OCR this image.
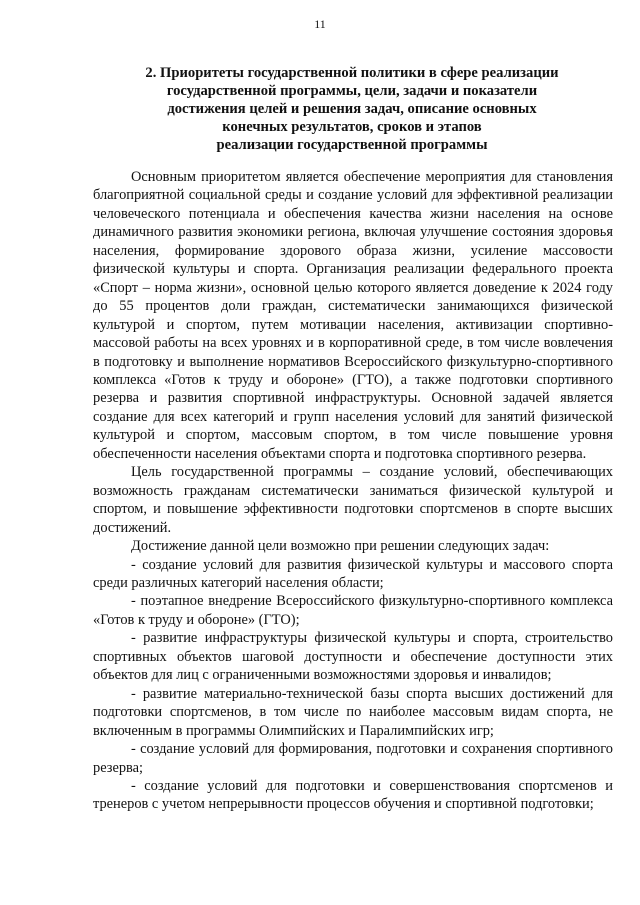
11
2. Приоритеты государственной политики в сфере реализации
государственной программы, цели, задачи и показатели
достижения целей и решения задач, описание основных
конечных результатов, сроков и этапов
реализации государственной программы

Основным приоритетом является обеспечение мероприятия для становления благоприятной социальной среды и создание условий для эффективной реализации человеческого потенциала и обеспечения качества жизни населения на основе динамичного развития экономики региона, включая улучшение состояния здоровья населения, формирование здорового образа жизни, усиление массовости физической культуры и спорта. Организация реализации федерального проекта «Спорт – норма жизни», основной целью которого является доведение к 2024 году до 55 процентов доли граждан, систематически занимающихся физической культурой и спортом, путем мотивации населения, активизации спортивно-массовой работы на всех уровнях и в корпоративной среде, в том числе вовлечения в подготовку и выполнение нормативов Всероссийского физкультурно-спортивного комплекса «Готов к труду и обороне» (ГТО), а также подготовки спортивного резерва и развития спортивной инфраструктуры. Основной задачей является создание для всех категорий и групп населения условий для занятий физической культурой и спортом, массовым спортом, в том числе повышение уровня обеспеченности населения объектами спорта и подготовка спортивного резерва.

Цель государственной программы – создание условий, обеспечивающих возможность гражданам систематически заниматься физической культурой и спортом, и повышение эффективности подготовки спортсменов в спорте высших достижений.

Достижение данной цели возможно при решении следующих задач:

- создание условий для развития физической культуры и массового спорта среди различных категорий населения области;

- поэтапное внедрение Всероссийского физкультурно-спортивного комплекса «Готов к труду и обороне» (ГТО);

- развитие инфраструктуры физической культуры и спорта, строительство спортивных объектов шаговой доступности и обеспечение доступности этих объектов для лиц с ограниченными возможностями здоровья и инвалидов;

- развитие материально-технической базы спорта высших достижений для подготовки спортсменов, в том числе по наиболее массовым видам спорта, не включенным в программы Олимпийских и Паралимпийских игр;

- создание условий для формирования, подготовки и сохранения спортивного резерва;

- создание условий для подготовки и совершенствования спортсменов и тренеров с учетом непрерывности процессов обучения и спортивной подготовки;
